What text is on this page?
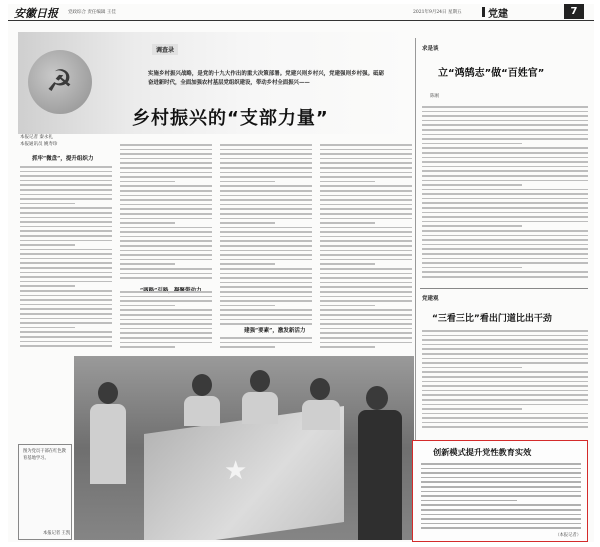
安徽日报 党政综合 责任编辑 王佳	2021年9月24日 星期五	党建	7
☭
调查录
实施乡村振兴战略，是党的十九大作出的重大决策部署。党建兴则乡村兴，党建强则乡村强。砥砺奋进新时代，全面加强农村基层党组织建设，带动乡村全面振兴——
乡村振兴的“支部力量”
本报记者 秦永礼
本报通讯员 姚寿珍
抓牢“微盘”，提升组织力
建强“要素”，激发新活力
★
图为党员干部在红色教育基地学习。
本报记者 王凯
求是谈
立“鸿鹄志”做“百姓官”
陈刚
党建观
“三看三比”看出门道比出干劲
创新模式提升党性教育实效
（本报记者）
